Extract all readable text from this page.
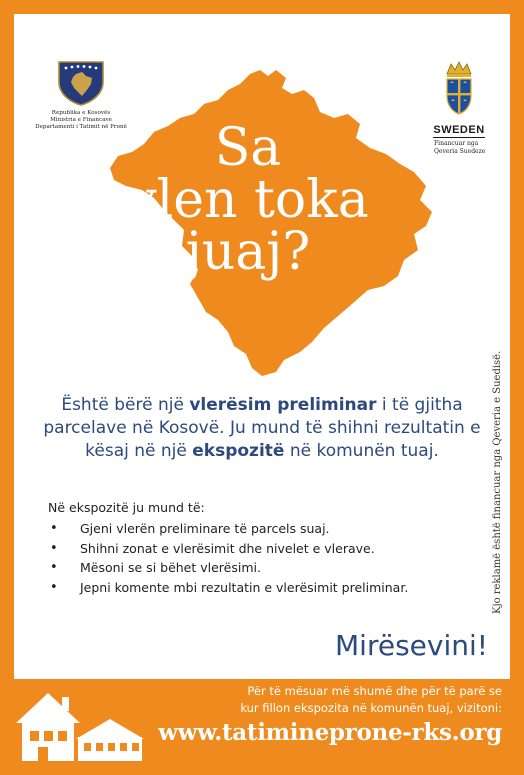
Republika e Kosovës
Ministria e Financave
Departamenti i Tatimit në Pronë	SWEDEN
Financuar nga
Qeveria Suedeze
Sa
vlen toka
juaj?
Është bërë një vlerësim preliminar i të gjitha parcelave në Kosovë. Ju mund të shihni rezultatin e kësaj në një ekspozitë në komunën tuaj.
Në ekspozitë ju mund të:
• Gjeni vlerën preliminare të parcels suaj.
• Shihni zonat e vlerësimit dhe nivelet e vlerave.
• Mësoni se si bëhet vlerësimi.
• Jepni komente mbi rezultatin e vlerësimit preliminar.
Mirësevini!
Kjo reklamë është financuar nga Qeveria e Suedisë.
Për të mësuar më shumë dhe për të parë se
kur fillon ekspozita në komunën tuaj, vizitoni:
www.tatiminepronе-rks.org
